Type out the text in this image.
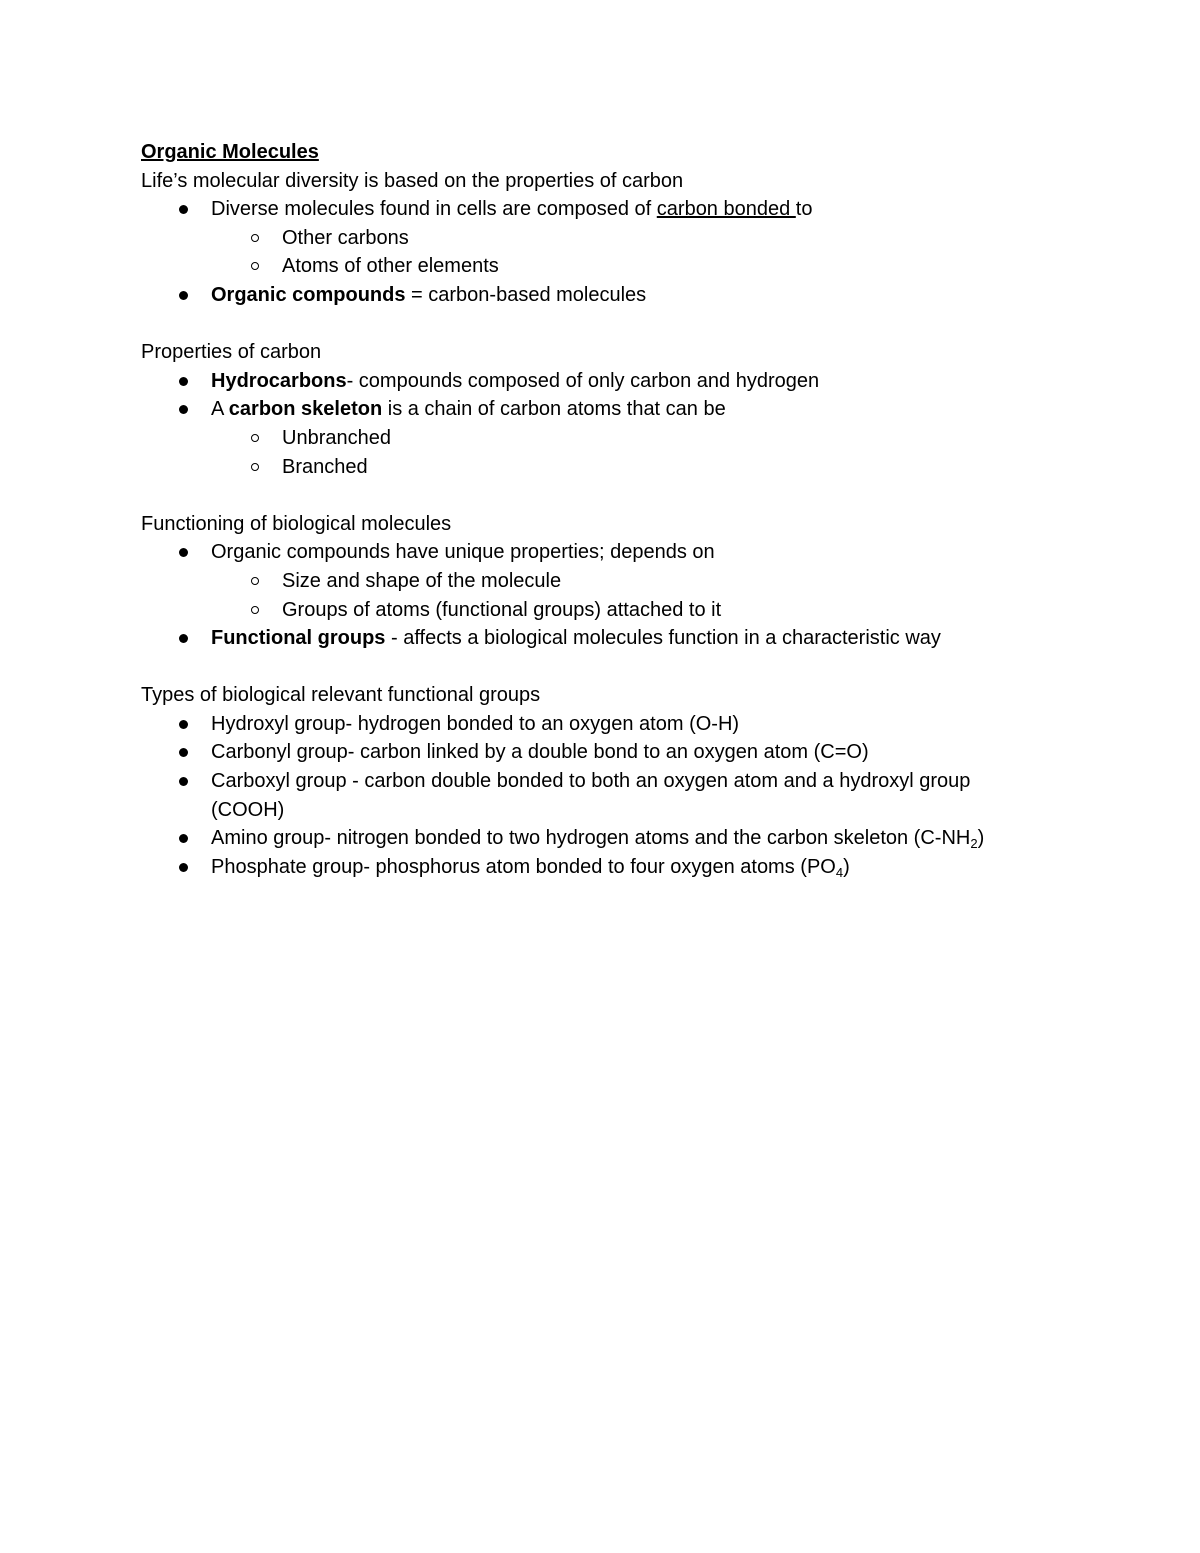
Organic Molecules

Life’s molecular diversity is based on the properties of carbon

Diverse molecules found in cells are composed of carbon bonded to
Other carbons
Atoms of other elements
Organic compounds = carbon-based molecules

Properties of carbon

Hydrocarbons- compounds composed of only carbon and hydrogen
A carbon skeleton is a chain of carbon atoms that can be
Unbranched
Branched

Functioning of biological molecules

Organic compounds have unique properties; depends on
Size and shape of the molecule
Groups of atoms (functional groups) attached to it
Functional groups - affects a biological molecules function in a characteristic way

Types of biological relevant functional groups

Hydroxyl group- hydrogen bonded to an oxygen atom (O-H)
Carbonyl group- carbon linked by a double bond to an oxygen atom (C=O)
Carboxyl group - carbon double bonded to both an oxygen atom and a hydroxyl group
(COOH)
Amino group- nitrogen bonded to two hydrogen atoms and the carbon skeleton $(C-NH_2)$
Phosphate group- phosphorus atom bonded to four oxygen atoms $(PO_4)$
